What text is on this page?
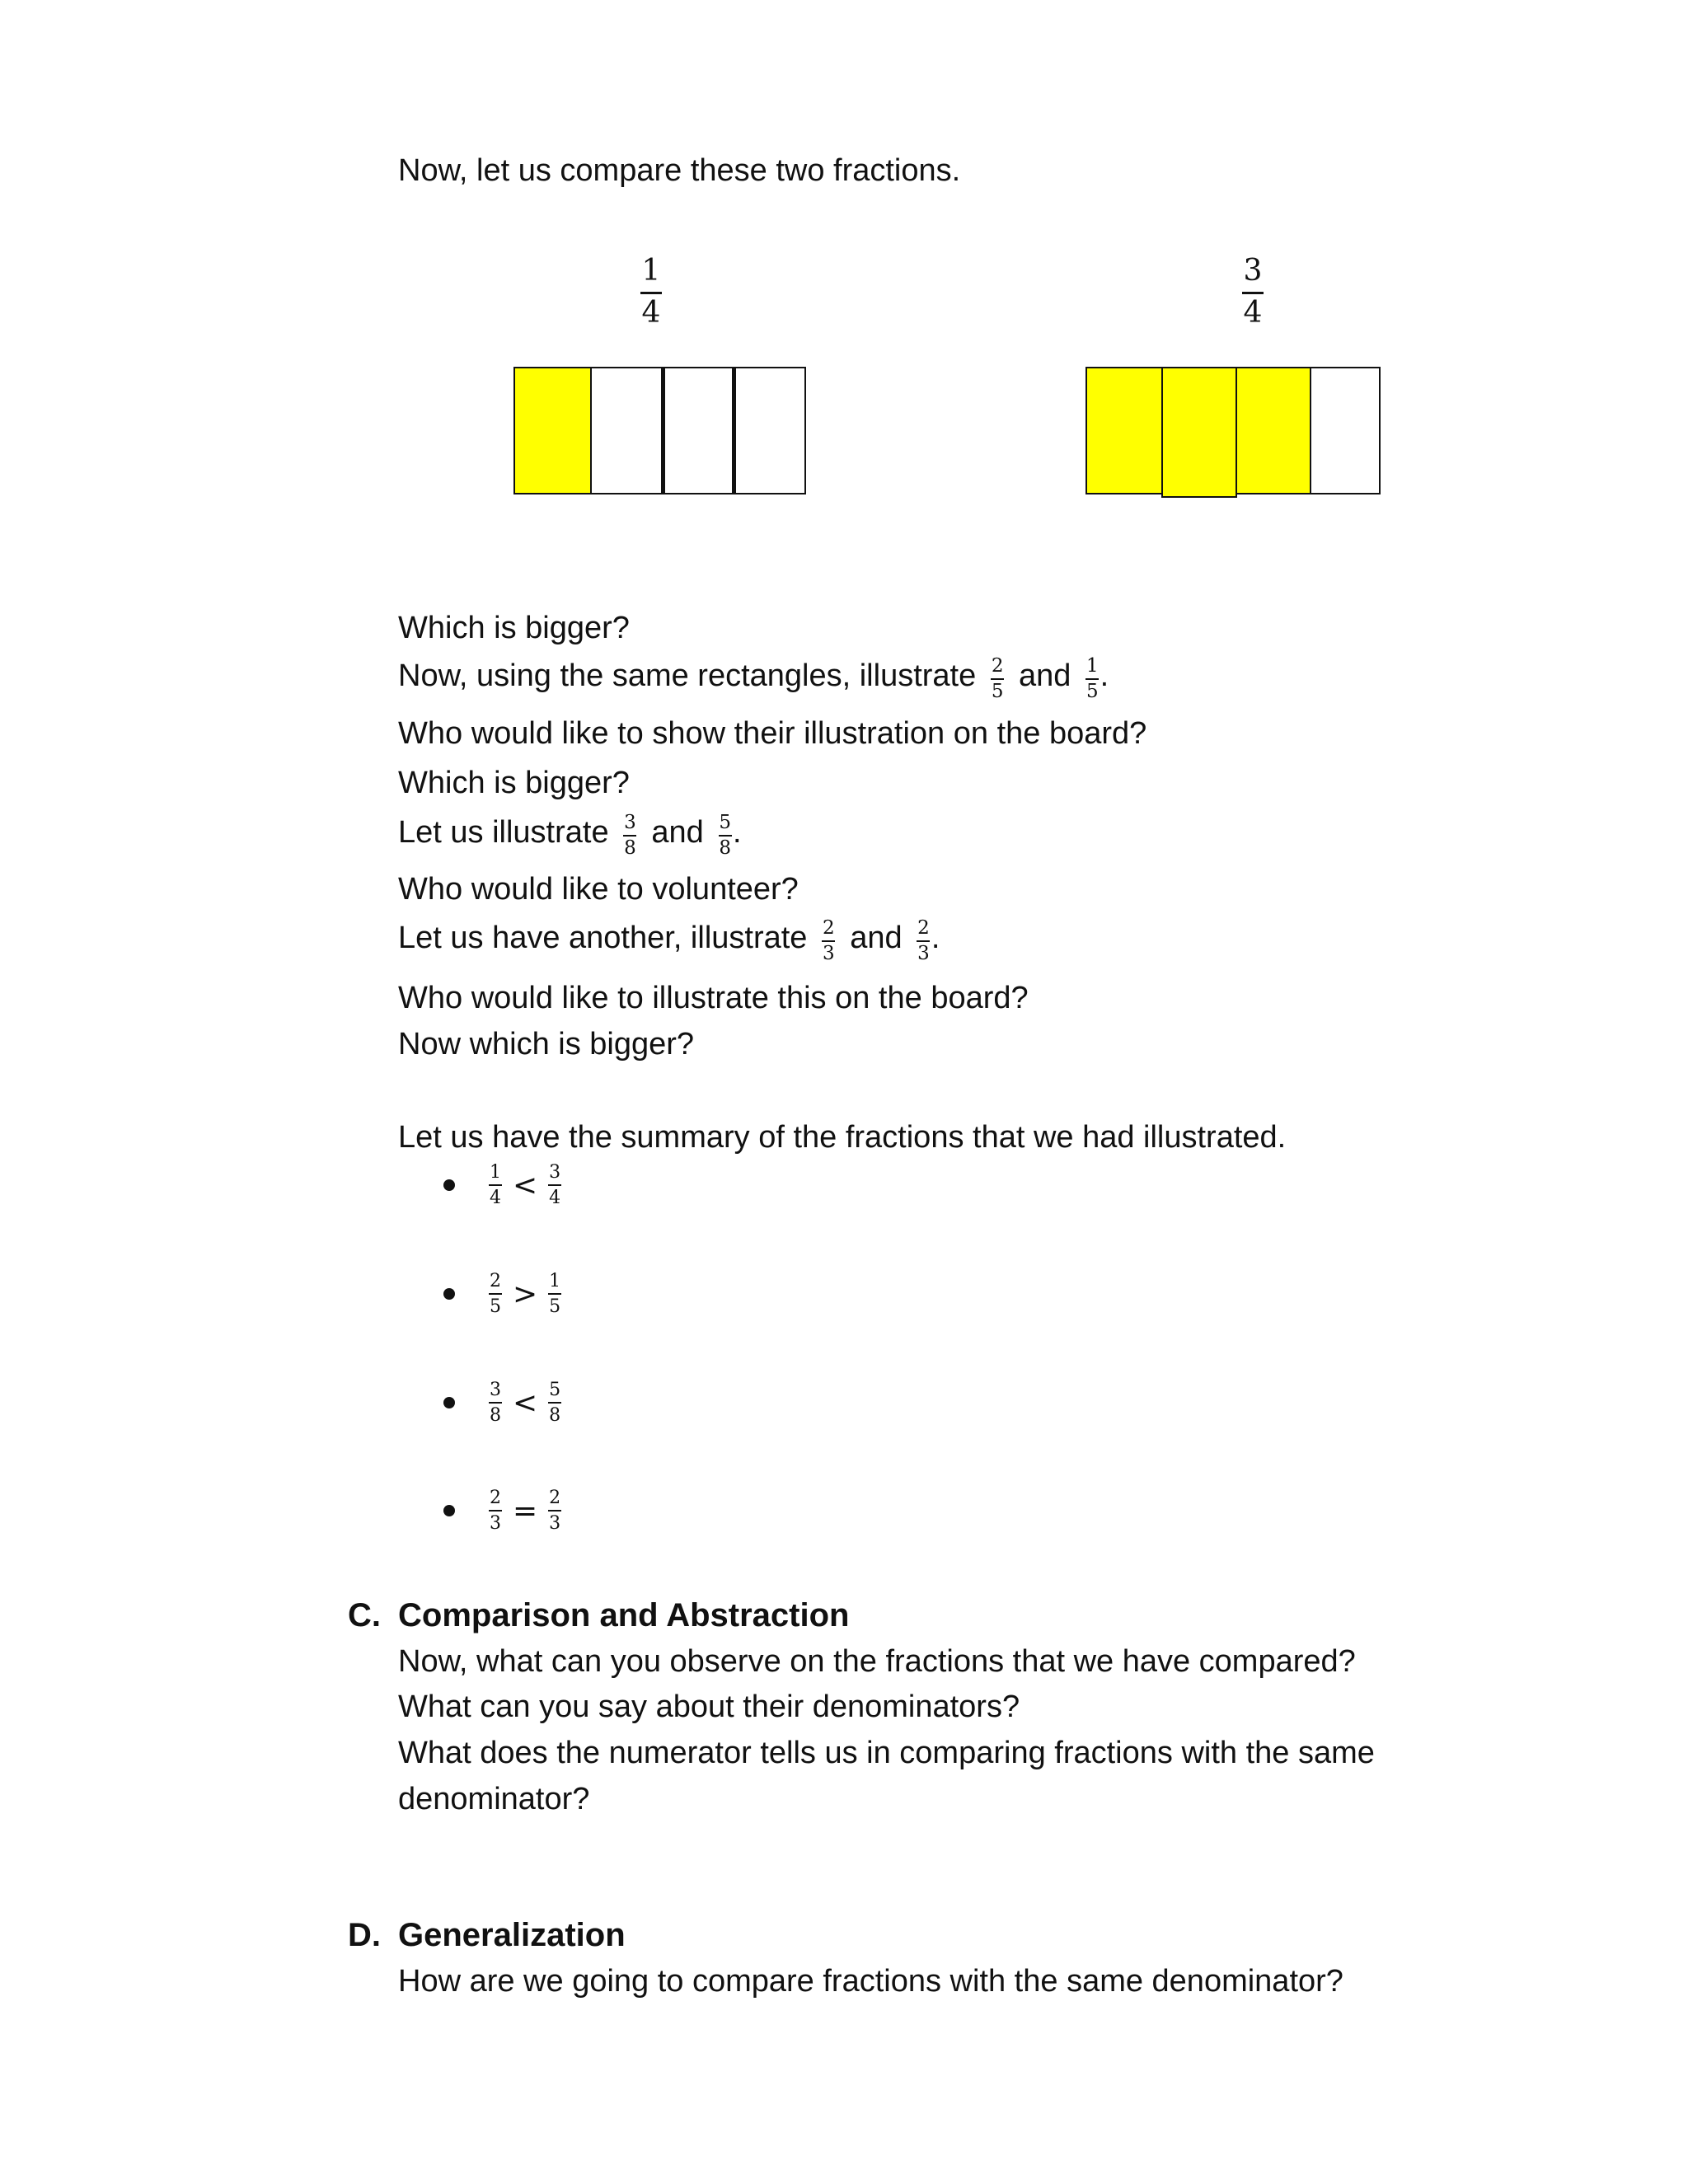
Now, let us compare these two fractions.
1
4
3
4
Which is bigger?
Now, using the same rectangles, illustrate $\frac{2}{5}$ and $\frac{1}{5}$ .
Who would like to show their illustration on the board?
Which is bigger?
Let us illustrate $\frac{3}{8}$ and $\frac{5}{8}$ .
Who would like to volunteer?
Let us have another, illustrate $\frac{2}{3}$ and $\frac{2}{3}$ .
Who would like to illustrate this on the board?
Now which is bigger?
Let us have the summary of the fractions that we had illustrated.
$\frac{1}{4} < \frac{3}{4}$
$\frac{2}{5} > \frac{1}{5}$
$\frac{3}{8} < \frac{5}{8}$
$\frac{2}{3} = \frac{2}{3}$
C. Comparison and Abstraction
Now, what can you observe on the fractions that we have compared?
What can you say about their denominators?
What does the numerator tells us in comparing fractions with the same
denominator?
D. Generalization
How are we going to compare fractions with the same denominator?
